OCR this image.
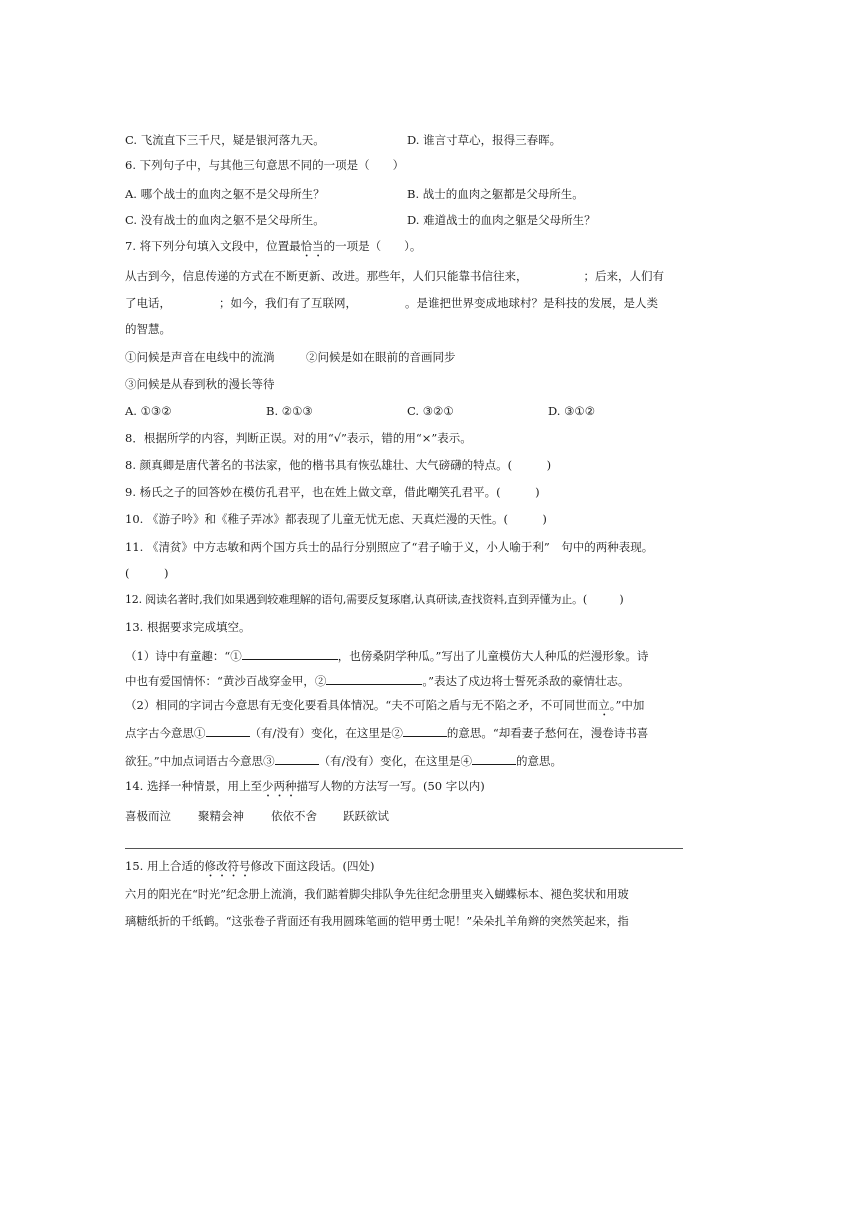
C. 飞流直下三千尺，疑是银河落九天。	D. 谁言寸草心，报得三春晖。
6. 下列句子中，与其他三句意思不同的一项是（　　）
A. 哪个战士的血肉之躯不是父母所生？	B. 战士的血肉之躯都是父母所生。
C. 没有战士的血肉之躯不是父母所生。	D. 难道战士的血肉之躯是父母所生？
7. 将下列分句填入文段中，位置最恰当的一项是（　　）。
从古到今，信息传递的方式在不断更新、改进。那些年，人们只能靠书信往来，	；后来，人们有
了电话，	；如今，我们有了互联网，	。是谁把世界变成地球村？是科技的发展，是人类
的智慧。
①问候是声音在电线中的流淌	②问候是如在眼前的音画同步
③问候是从春到秋的漫长等待
A. ①③②	B. ②①③	C. ③②①	D. ③①②
8．根据所学的内容，判断正误。对的用“√”表示，错的用“×”表示。
8. 颜真卿是唐代著名的书法家，他的楷书具有恢弘雄壮、大气磅礴的特点。(　　　)
9. 杨氏之子的回答妙在模仿孔君平，也在姓上做文章，借此嘲笑孔君平。(　　　)
10. 《游子吟》和《稚子弄冰》都表现了儿童无忧无虑、天真烂漫的天性。(　　　)
11. 《清贫》中方志敏和两个国方兵士的品行分别照应了“君子喻于义，小人喻于利”　句中的两种表现。
(　　　)
12. 阅读名著时,我们如果遇到较难理解的语句,需要反复琢磨,认真研读,查找资料,直到弄懂为止。(　　　)
13. 根据要求完成填空。
（1）诗中有童趣：“①	，也傍桑阴学种瓜。”写出了儿童模仿大人种瓜的烂漫形象。诗
中也有爱国情怀：“黄沙百战穿金甲，②	。”表达了戍边将士誓死杀敌的豪情壮志。
（2）相同的字词古今意思有无变化要看具体情况。“夫不可陷之盾与无不陷之矛，不可同世而立。”中加
点字古今意思①	（有/没有）变化，在这里是②	的意思。“却看妻子愁何在，漫卷诗书喜
欲狂。”中加点词语古今意思③	（有/没有）变化，在这里是④	的意思。
14. 选择一种情景，用上至少两种描写人物的方法写一写。(50 字以内)
喜极而泣 聚精会神 依依不舍 跃跃欲试
15. 用上合适的修改符号修改下面这段话。(四处)
六月的阳光在“时光”纪念册上流淌，我们踮着脚尖排队争先往纪念册里夹入蝴蝶标本、褪色奖状和用玻
璃糖纸折的千纸鹤。“这张卷子背面还有我用圆珠笔画的铠甲勇士呢！”朵朵扎羊角辫的突然笑起来，指
